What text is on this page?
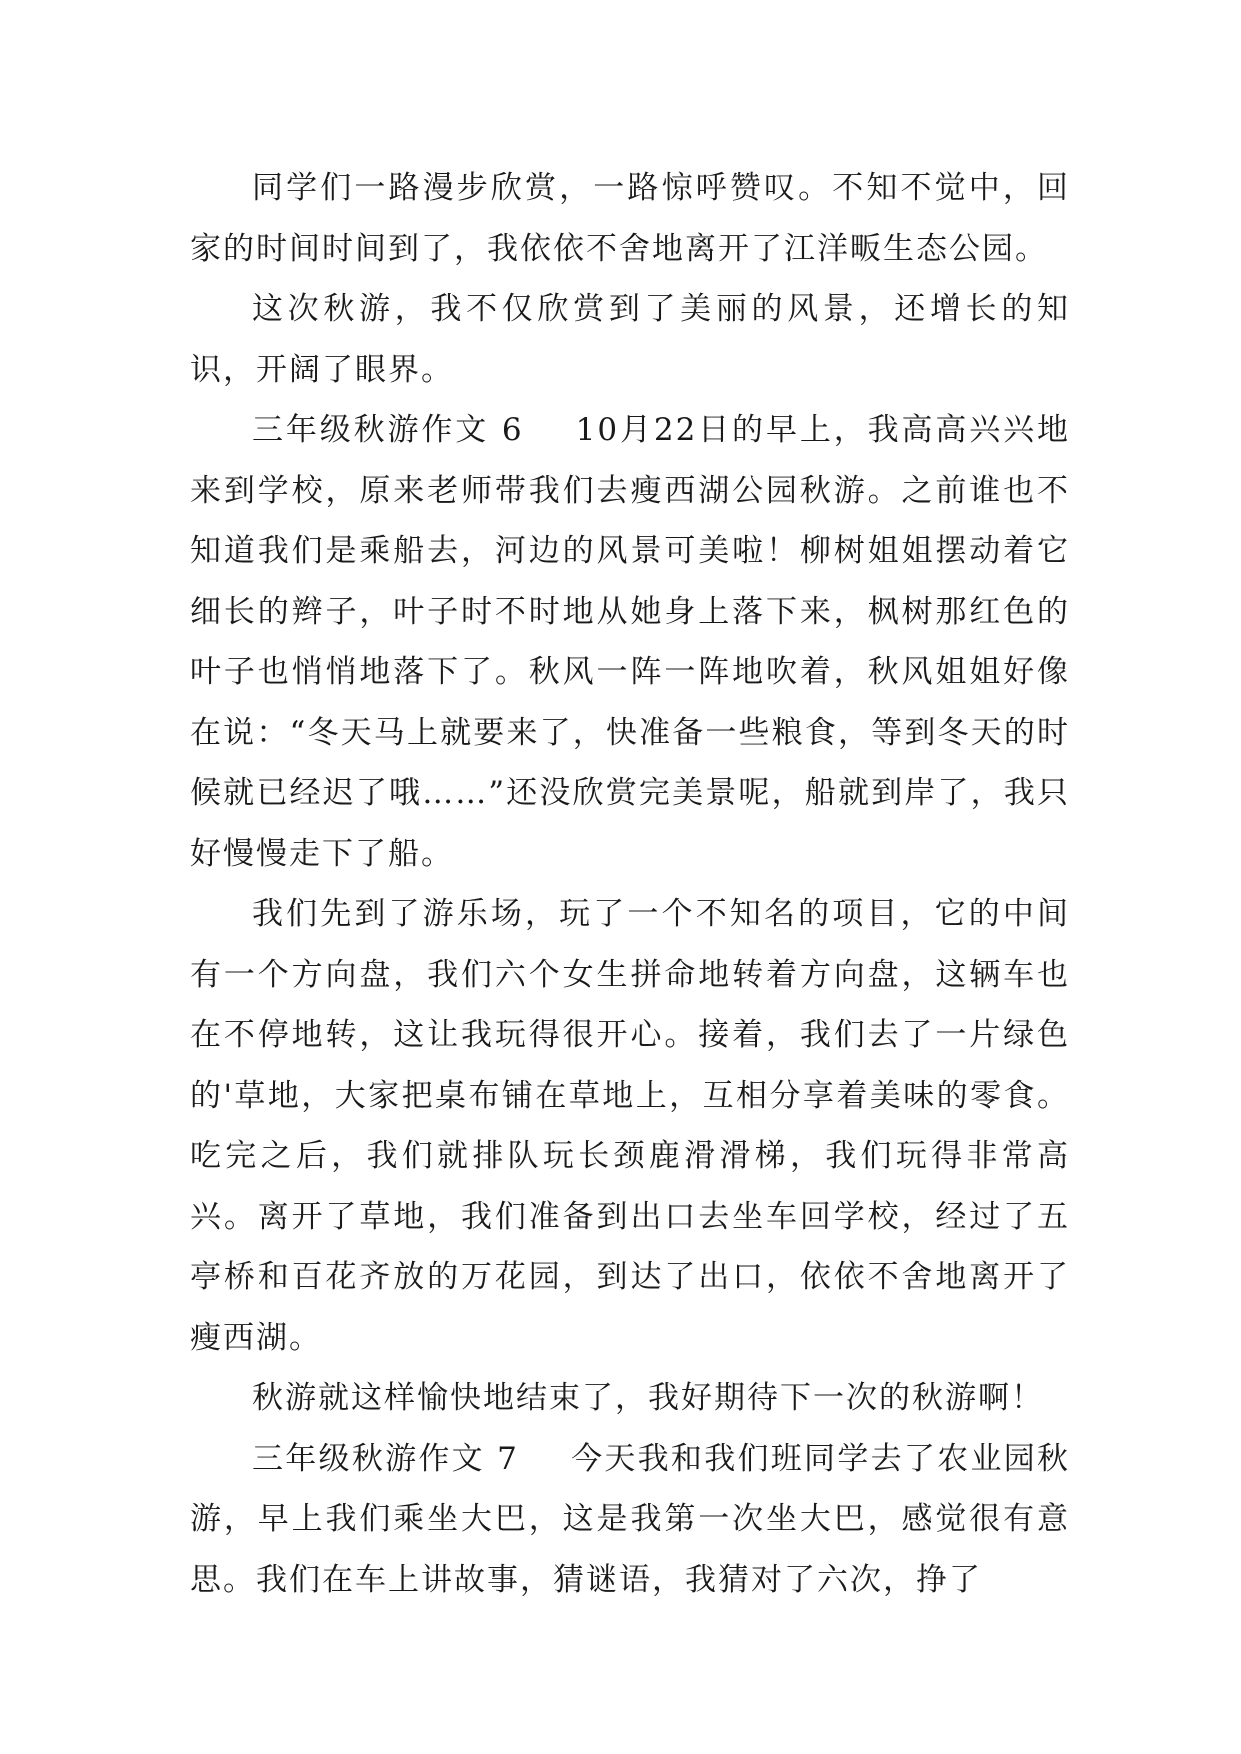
同学们一路漫步欣赏，一路惊呼赞叹。不知不觉中，回家的时间时间到了，我依依不舍地离开了江洋畈生态公园。

这次秋游，我不仅欣赏到了美丽的风景，还增长的知识，开阔了眼界。

三年级秋游作文 6 10月22日的早上，我高高兴兴地来到学校，原来老师带我们去瘦西湖公园秋游。之前谁也不知道我们是乘船去，河边的风景可美啦！柳树姐姐摆动着它细长的辫子，叶子时不时地从她身上落下来，枫树那红色的叶子也悄悄地落下了。秋风一阵一阵地吹着，秋风姐姐好像在说：“冬天马上就要来了，快准备一些粮食，等到冬天的时候就已经迟了哦……”还没欣赏完美景呢，船就到岸了，我只好慢慢走下了船。

我们先到了游乐场，玩了一个不知名的项目，它的中间有一个方向盘，我们六个女生拼命地转着方向盘，这辆车也在不停地转，这让我玩得很开心。接着，我们去了一片绿色的'草地，大家把桌布铺在草地上，互相分享着美味的零食。吃完之后，我们就排队玩长颈鹿滑滑梯，我们玩得非常高兴。离开了草地，我们准备到出口去坐车回学校，经过了五亭桥和百花齐放的万花园，到达了出口，依依不舍地离开了瘦西湖。

秋游就这样愉快地结束了，我好期待下一次的秋游啊！

三年级秋游作文 7 今天我和我们班同学去了农业园秋游，早上我们乘坐大巴，这是我第一次坐大巴，感觉很有意思。我们在车上讲故事，猜谜语，我猜对了六次，挣了
